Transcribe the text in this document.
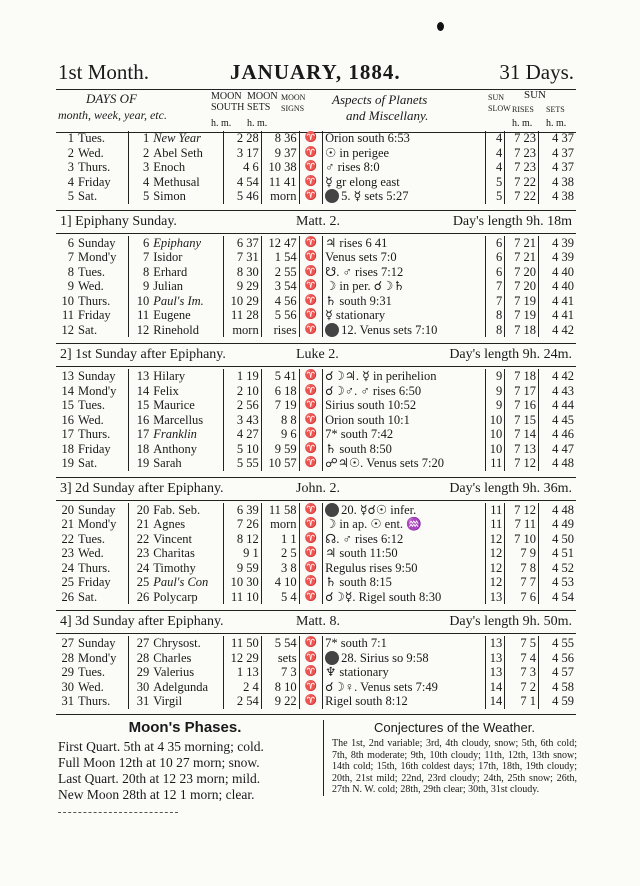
1st Month.	JANUARY, 1884.	31 Days.
DAYS OF
month, week, year, etc.
MOON SOUTH
h. m.
MOON SETS
h. m.
MOON SIGNS
Aspects of Planets
and Miscellany.
SUN SLOW
SUN
RISES SETS
h. m. h. m.
1 Tues.	1	New Year	2 28	8 36	♈	Orion south 6:53	4	7 23	4 37
2 Wed.	2	Abel Seth	3 17	9 37	♈	☉ in perigee	4	7 23	4 37
3 Thurs.	3	Enoch	4 6	10 38	♈	♂ rises 8:0	4	7 23	4 37
4 Friday	4	Methusal	4 54	11 41	♈	☿ gr elong east	5	7 22	4 38
5 Sat.	5	Simon	5 46	morn	♈	5. ☿ sets 5:27	5	7 22	4 38
1] Epiphany Sunday.	Matt. 2.	Day's length 9h. 18m
6 Sunday	6	Epiphany	6 37	12 47	♈	♃ rises 6 41	6	7 21	4 39
7 Mond'y	7	Isidor	7 31	1 54	♈	Venus sets 7:0	6	7 21	4 39
8 Tues.	8	Erhard	8 30	2 55	♈	☋. ♂ rises 7:12	6	7 20	4 40
9 Wed.	9	Julian	9 29	3 54	♈	☽ in per. ☌☽♄	7	7 20	4 40
10 Thurs.	10	Paul's Im.	10 29	4 56	♈	♄ south 9:31	7	7 19	4 41
11 Friday	11	Eugene	11 28	5 56	♈	☿ stationary	8	7 19	4 41
12 Sat.	12	Rinehold	morn	rises	♈	12. Venus sets 7:10	8	7 18	4 42
2] 1st Sunday after Epiphany.	Luke 2.	Day's length 9h. 24m.
13 Sunday	13	Hilary	1 19	5 41	♈	☌☽♃. ☿ in perihelion	9	7 18	4 42
14 Mond'y	14	Felix	2 10	6 18	♈	☌☽♂. ♂ rises 6:50	9	7 17	4 43
15 Tues.	15	Maurice	2 56	7 19	♈	Sirius south 10:52	9	7 16	4 44
16 Wed.	16	Marcellus	3 43	8 8	♈	Orion south 10:1	10	7 15	4 45
17 Thurs.	17	Franklin	4 27	9 6	♈	7* south 7:42	10	7 14	4 46
18 Friday	18	Anthony	5 10	9 59	♈	♄ south 8:50	10	7 13	4 47
19 Sat.	19	Sarah	5 55	10 57	♈	☍♃☉. Venus sets 7:20	11	7 12	4 48
3] 2d Sunday after Epiphany.	John. 2.	Day's length 9h. 36m.
20 Sunday	20	Fab. Seb.	6 39	11 58	♈	20. ☿☌☉ infer.	11	7 12	4 48
21 Mond'y	21	Agnes	7 26	morn	♈	☽ in ap. ☉ ent. ♒	11	7 11	4 49
22 Tues.	22	Vincent	8 12	1 1	♈	☊. ♂ rises 6:12	12	7 10	4 50
23 Wed.	23	Charitas	9 1	2 5	♈	♃ south 11:50	12	7 9	4 51
24 Thurs.	24	Timothy	9 59	3 8	♈	Regulus rises 9:50	12	7 8	4 52
25 Friday	25	Paul's Con	10 30	4 10	♈	♄ south 8:15	12	7 7	4 53
26 Sat.	26	Polycarp	11 10	5 4	♈	☌☽☿. Rigel south 8:30	13	7 6	4 54
4] 3d Sunday after Epiphany.	Matt. 8.	Day's length 9h. 50m.
27 Sunday	27	Chrysost.	11 50	5 54	♈	7* south 7:1	13	7 5	4 55
28 Mond'y	28	Charles	12 29	sets	♈	28. Sirius so 9:58	13	7 4	4 56
29 Tues.	29	Valerius	1 13	7 3	♈	♆ stationary	13	7 3	4 57
30 Wed.	30	Adelgunda	2 4	8 10	♈	☌☽♀. Venus sets 7:49	14	7 2	4 58
31 Thurs.	31	Virgil	2 54	9 22	♈	Rigel south 8:12	14	7 1	4 59
Moon's Phases.
First Quart. 5th at 4 35 morning; cold.
Full Moon 12th at 10 27 morn; snow.
Last Quart. 20th at 12 23 morn; mild.
New Moon 28th at 12 1 morn; clear.
Conjectures of the Weather.
The 1st, 2nd variable; 3rd, 4th cloudy, snow; 5th, 6th cold; 7th, 8th moderate; 9th, 10th cloudy; 11th, 12th, 13th snow; 14th cold; 15th, 16th coldest days; 17th, 18th, 19th cloudy; 20th, 21st mild; 22nd, 23rd cloudy; 24th, 25th snow; 26th, 27th N. W. cold; 28th, 29th clear; 30th, 31st cloudy.
